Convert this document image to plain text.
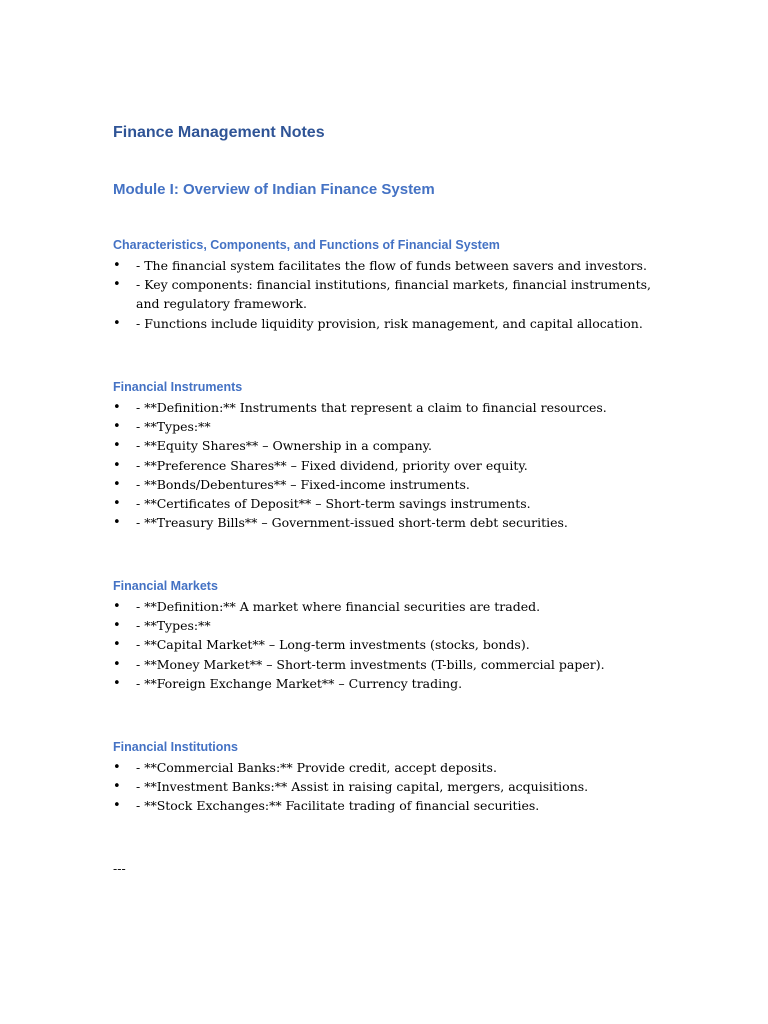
Finance Management Notes
Module I: Overview of Indian Finance System
Characteristics, Components, and Functions of Financial System
• - The financial system facilitates the flow of funds between savers and investors.
• - Key components: financial institutions, financial markets, financial instruments, and regulatory framework.
• - Functions include liquidity provision, risk management, and capital allocation.
Financial Instruments
• - **Definition:** Instruments that represent a claim to financial resources.
• - **Types:**
• - **Equity Shares** – Ownership in a company.
• - **Preference Shares** – Fixed dividend, priority over equity.
• - **Bonds/Debentures** – Fixed-income instruments.
• - **Certificates of Deposit** – Short-term savings instruments.
• - **Treasury Bills** – Government-issued short-term debt securities.
Financial Markets
• - **Definition:** A market where financial securities are traded.
• - **Types:**
• - **Capital Market** – Long-term investments (stocks, bonds).
• - **Money Market** – Short-term investments (T-bills, commercial paper).
• - **Foreign Exchange Market** – Currency trading.
Financial Institutions
• - **Commercial Banks:** Provide credit, accept deposits.
• - **Investment Banks:** Assist in raising capital, mergers, acquisitions.
• - **Stock Exchanges:** Facilitate trading of financial securities.
---
